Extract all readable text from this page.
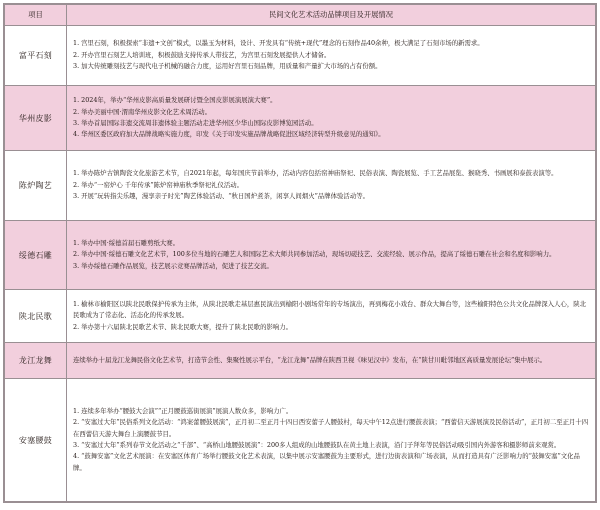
项目	民间文化艺术活动品牌项目及开展情况
富平石刻	1. 宫里石刻，积极探索“非遗+文创”模式，以墨玉为材料，设计、开发具有“传统+现代”理念的石刻作品40余种，极大满足了石刻市场的新需求。
2. 开办宫里石刻艺人培训班，积极鼓励支持传承人带技艺，为宫里石刻发展提供人才储备。
3. 加大传统雕刻技艺与现代电子机械的融合力度，运用好宫里石刻品牌，用质量和产量扩大市场的占有份额。

华州皮影	1. 2024年，举办“华州皮影高质量发展研讨暨全国皮影展演展演大赛”。
2. 举办美丽中国·渭南华州皮影文化艺术周活动。
3. 举办首届国际非遗交流周非遗体验主题活动走进华州区少华山国际皮影博览园活动。
4. 华州区委区政府加大品牌战略实施力度，印发《关于印发实施品牌战略促进区域经济转型升级意见的通知》。

陈炉陶艺	1. 举办陈炉古镇陶瓷文化旅游艺术节，自2021年起，每年国庆节前举办，活动内容包括窑神庙祭祀、民俗表演、陶瓷展览、手工艺品展览、猴晓秀、书画展和泰鼓表演等。
2. 举办“一窑炉心 千年传承”陈炉窑神庙秋季祭祀礼仪活动。
3. 开展“玩转指尖乐趣，漫享亲子时光”陶艺体验活动、“秋日国炉煮茶，闲享人间烟火”品牌体验活动等。

绥德石雕	1. 举办中国·绥德首届石雕剪纸大赛。
2. 举办中国·绥德石雕文化艺术节，100多位当地的石雕艺人和国际艺术大师共同参加活动，现场切磋技艺、交流经验、展示作品，提高了绥德石雕在社会和名度和影响力。
3. 举办绥德石雕作品展览，技艺展示竞赛品牌活动，促进了技艺交流。

陕北民歌	1. 榆林市榆阳区以陕北民歌保护传承为主体，从陕北民歌走基层惠民演出到榆阳小剧场常年的专场演出，再到梅花小戏台、群众大舞台等，这些榆阳特色公共文化品牌深入人心，陕北民歌成为了常态化、活态化的传承发展。
2. 举办第十六届陕北民歌艺术节、陕北民歌大赛，提升了陕北民歌的影响力。

龙江龙舞	连续举办十届龙江龙舞民俗文化艺术节，打造节会性、集聚性展示平台，“龙江龙舞”品牌在陕西卫视《味见汉中》发布，在“陕甘川毗邻地区高质量发展论坛”集中展示。

安塞腰鼓	1. 连续多年举办“腰鼓大会演”“正月腰鼓巡街展演”展演人数众多，影响力广。
2. “安塞过大年”民俗系列文化活动：“鸿案蕾腰鼓展演”，正月初二至正月十四日西安蕾子人腰鼓村，每天中午12点进行腰鼓表演；“西蕾信天游展演及民俗活动”，正月初二至正月十四在西蕾信天游大舞台上演腰鼓节目。
3. “安塞过大年”系列春节文化活动之“千部”、“高桥山地腰鼓展演”：200多人组成的山地腰鼓队在黄土地上表演，沿门子拜年等民俗活动吸引国内外游客和摄影师前来观赏。
4. “鼓舞安塞”文化艺术展演：在安塞区体育广场举行腰鼓文化艺术表演，以集中展示安塞腰鼓为主要形式，进行边街表演和广场表演，从而打造具有广泛影响力的“鼓舞安塞”文化品牌。
